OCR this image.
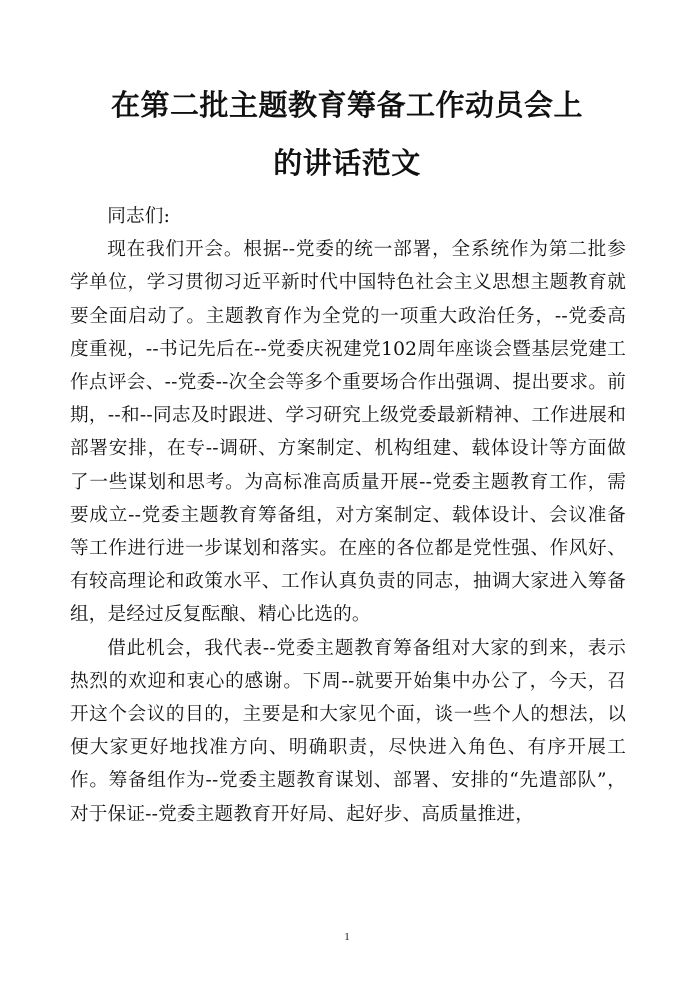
在第二批主题教育筹备工作动员会上
的讲话范文

同志们:

现在我们开会。根据--党委的统一部署，全系统作为第二批参学单位，学习贯彻习近平新时代中国特色社会主义思想主题教育就要全面启动了。主题教育作为全党的一项重大政治任务，--党委高度重视，--书记先后在--党委庆祝建党102周年座谈会暨基层党建工作点评会、--党委--次全会等多个重要场合作出强调、提出要求。前期，--和--同志及时跟进、学习研究上级党委最新精神、工作进展和部署安排，在专--调研、方案制定、机构组建、载体设计等方面做了一些谋划和思考。为高标准高质量开展--党委主题教育工作，需要成立--党委主题教育筹备组，对方案制定、载体设计、会议准备等工作进行进一步谋划和落实。在座的各位都是党性强、作风好、有较高理论和政策水平、工作认真负责的同志，抽调大家进入筹备组，是经过反复酝酿、精心比选的。

借此机会，我代表--党委主题教育筹备组对大家的到来，表示热烈的欢迎和衷心的感谢。下周--就要开始集中办公了，今天，召开这个会议的目的，主要是和大家见个面，谈一些个人的想法，以便大家更好地找准方向、明确职责，尽快进入角色、有序开展工作。筹备组作为--党委主题教育谋划、部署、安排的“先遣部队”，对于保证--党委主题教育开好局、起好步、高质量推进，

1
